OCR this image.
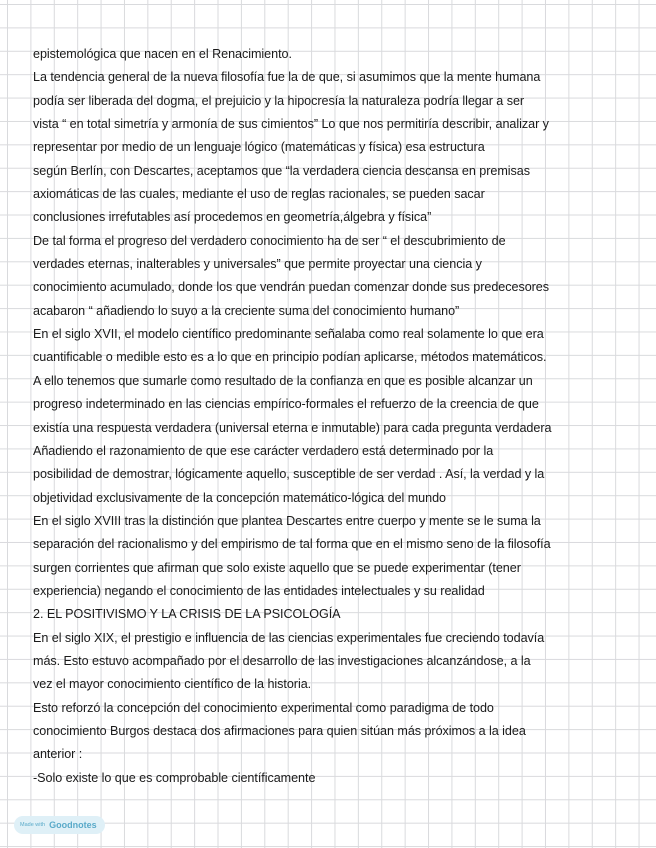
epistemológica que nacen en el Renacimiento.
La tendencia general de la nueva filosofía fue la de que, si asumimos que la mente humana
podía ser liberada del dogma, el prejuicio y la hipocresía la naturaleza podría llegar a ser
vista “ en total simetría y armonía de sus cimientos” Lo que nos permitiría describir, analizar y
representar por medio de un lenguaje lógico (matemáticas y física) esa estructura
según Berlín, con Descartes, aceptamos que “la verdadera ciencia descansa en premisas
axiomáticas de las cuales, mediante el uso de reglas racionales, se pueden sacar
conclusiones irrefutables así procedemos en geometría,álgebra y física”
De tal forma el progreso del verdadero conocimiento ha de ser “ el descubrimiento de
verdades eternas, inalterables y universales” que permite proyectar una ciencia y
conocimiento acumulado, donde los que vendrán puedan comenzar donde sus predecesores
acabaron “ añadiendo lo suyo a la creciente suma del conocimiento humano”
En el siglo XVII, el modelo científico predominante señalaba como real solamente lo que era
cuantificable o medible esto es a lo que en principio podían aplicarse, métodos matemáticos.
A ello tenemos que sumarle como resultado de la confianza en que es posible alcanzar un
progreso indeterminado en las ciencias empírico-formales el refuerzo de la creencia de que
existía una respuesta verdadera (universal eterna e inmutable) para cada pregunta verdadera
Añadiendo el razonamiento de que ese carácter verdadero está determinado por la
posibilidad de demostrar, lógicamente aquello, susceptible de ser verdad . Así, la verdad y la
objetividad exclusivamente de la concepción matemático-lógica del mundo
En el siglo XVIII tras la distinción que plantea Descartes entre cuerpo y mente se le suma la
separación del racionalismo y del empirismo de tal forma que en el mismo seno de la filosofía
surgen corrientes que afirman que solo existe aquello que se puede experimentar (tener
experiencia) negando el conocimiento de las entidades intelectuales y su realidad
2. EL POSITIVISMO Y LA CRISIS DE LA PSICOLOGÍA
En el siglo XIX, el prestigio e influencia de las ciencias experimentales fue creciendo todavía
más. Esto estuvo acompañado por el desarrollo de las investigaciones alcanzándose, a la
vez el mayor conocimiento científico de la historia.
Esto reforzó la concepción del conocimiento experimental como paradigma de todo
conocimiento Burgos destaca dos afirmaciones para quien sitúan más próximos a la idea
anterior :
-Solo existe lo que es comprobable científicamente
Made with Goodnotes
